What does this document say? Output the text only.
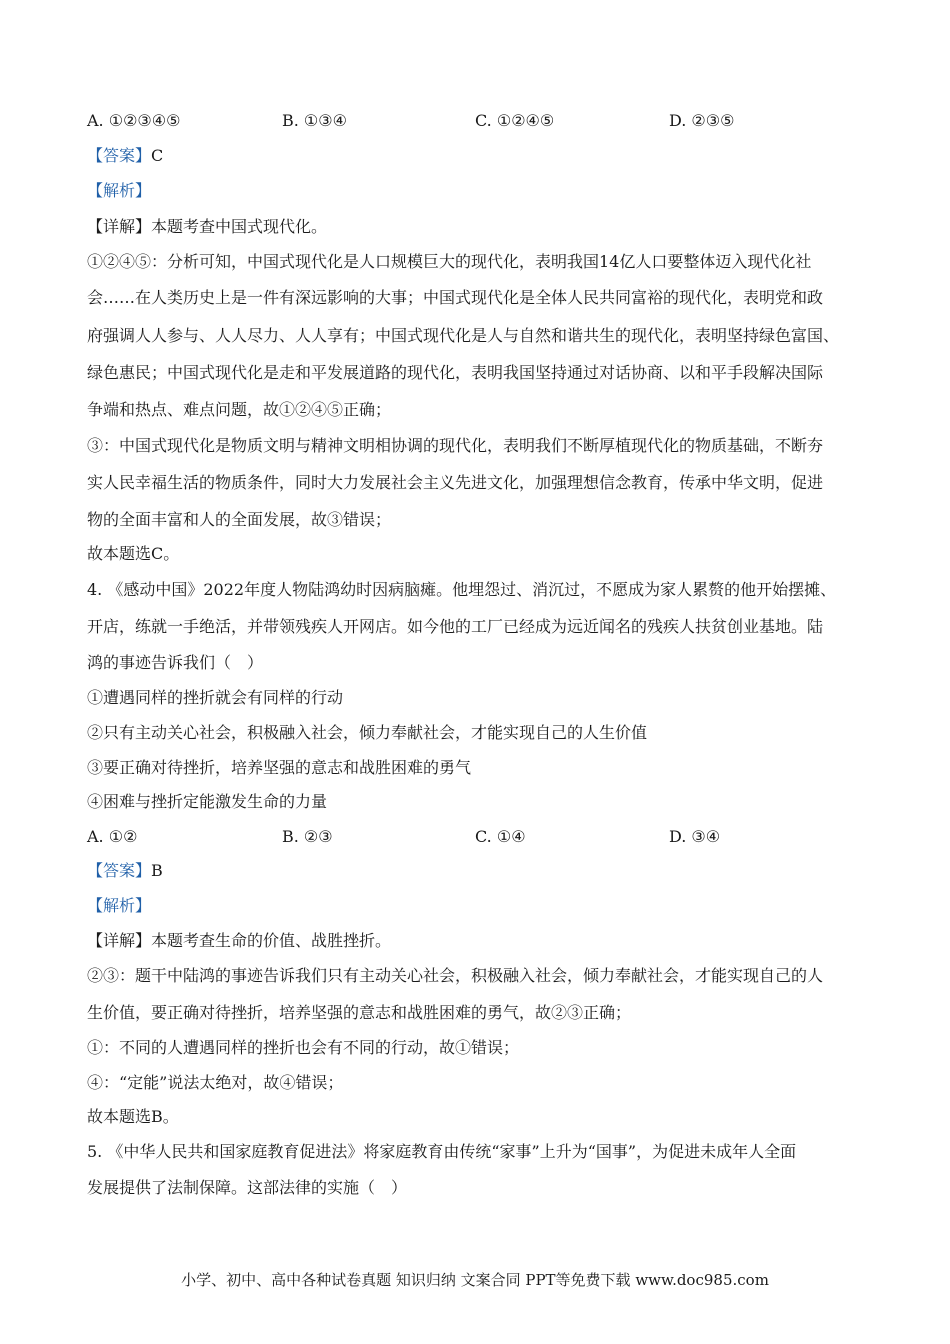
A. ①②③④⑤	B. ①③④	C. ①②④⑤	D. ②③⑤
【答案】C
【解析】
【详解】本题考查中国式现代化。
①②④⑤：分析可知，中国式现代化是人口规模巨大的现代化，表明我国14亿人口要整体迈入现代化社
会……在人类历史上是一件有深远影响的大事；中国式现代化是全体人民共同富裕的现代化，表明党和政
府强调人人参与、人人尽力、人人享有；中国式现代化是人与自然和谐共生的现代化，表明坚持绿色富国、
绿色惠民；中国式现代化是走和平发展道路的现代化，表明我国坚持通过对话协商、以和平手段解决国际
争端和热点、难点问题，故①②④⑤正确；
③：中国式现代化是物质文明与精神文明相协调的现代化，表明我们不断厚植现代化的物质基础，不断夯
实人民幸福生活的物质条件，同时大力发展社会主义先进文化，加强理想信念教育，传承中华文明，促进
物的全面丰富和人的全面发展，故③错误；
故本题选C。
4. 《感动中国》2022年度人物陆鸿幼时因病脑瘫。他埋怨过、消沉过，不愿成为家人累赘的他开始摆摊、
开店，练就一手绝活，并带领残疾人开网店。如今他的工厂已经成为远近闻名的残疾人扶贫创业基地。陆
鸿的事迹告诉我们（　）
①遭遇同样的挫折就会有同样的行动
②只有主动关心社会，积极融入社会，倾力奉献社会，才能实现自己的人生价值
③要正确对待挫折，培养坚强的意志和战胜困难的勇气
④困难与挫折定能激发生命的力量
A. ①②	B. ②③	C. ①④	D. ③④
【答案】B
【解析】
【详解】本题考查生命的价值、战胜挫折。
②③：题干中陆鸿的事迹告诉我们只有主动关心社会，积极融入社会，倾力奉献社会，才能实现自己的人
生价值，要正确对待挫折，培养坚强的意志和战胜困难的勇气，故②③正确；
①：不同的人遭遇同样的挫折也会有不同的行动，故①错误；
④：“定能”说法太绝对，故④错误；
故本题选B。
5. 《中华人民共和国家庭教育促进法》将家庭教育由传统“家事”上升为“国事”，为促进未成年人全面
发展提供了法制保障。这部法律的实施（　）
小学、初中、高中各种试卷真题 知识归纳 文案合同 PPT等免费下载 www.doc985.com
